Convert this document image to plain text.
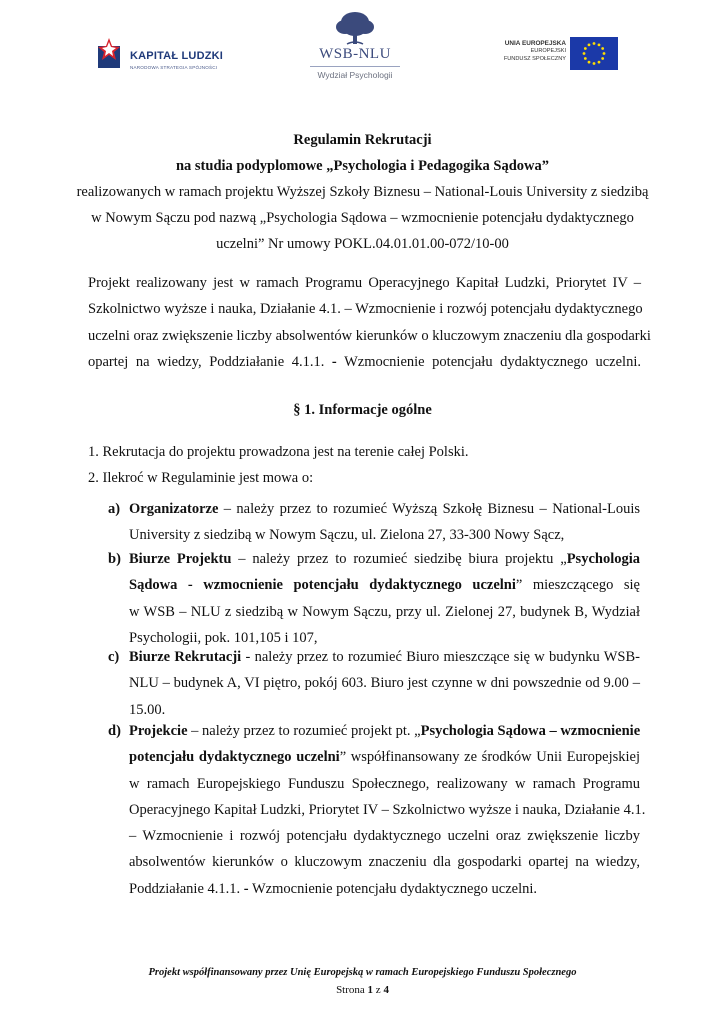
KAPITAŁ LUDZKI
NARODOWA STRATEGIA SPÓJNOŚCI
WSB-NLU
Wydział Psychologii
UNIA EUROPEJSKA
EUROPEJSKI
FUNDUSZ SPOŁECZNY
Regulamin Rekrutacji
na studia podyplomowe „Psychologia i Pedagogika Sądowa”
realizowanych w ramach projektu Wyższej Szkoły Biznesu – National-Louis University z siedzibą
w Nowym Sączu pod nazwą „Psychologia Sądowa – wzmocnienie potencjału dydaktycznego
uczelni” Nr umowy POKL.04.01.01.00-072/10-00
Projekt realizowany jest w ramach Programu Operacyjnego Kapitał Ludzki, Priorytet IV –
Szkolnictwo wyższe i nauka, Działanie 4.1. – Wzmocnienie i rozwój potencjału dydaktycznego
uczelni oraz zwiększenie liczby absolwentów kierunków o kluczowym znaczeniu dla gospodarki
opartej na wiedzy, Poddziałanie 4.1.1. - Wzmocnienie potencjału dydaktycznego uczelni.
§ 1. Informacje ogólne
1. Rekrutacja do projektu prowadzona jest na terenie całej Polski.
2. Ilekroć w Regulaminie jest mowa o:
a) Organizatorze – należy przez to rozumieć Wyższą Szkołę Biznesu – National-Louis
University z siedzibą w Nowym Sączu, ul. Zielona 27, 33-300 Nowy Sącz,
b) Biurze Projektu – należy przez to rozumieć siedzibę biura projektu „Psychologia
Sądowa - wzmocnienie potencjału dydaktycznego uczelni” mieszczącego się
w WSB – NLU z siedzibą w Nowym Sączu, przy ul. Zielonej 27, budynek B, Wydział
Psychologii, pok. 101,105 i 107,
c) Biurze Rekrutacji - należy przez to rozumieć Biuro mieszczące się w budynku WSB-
NLU – budynek A, VI piętro, pokój 603. Biuro jest czynne w dni powszednie od 9.00 –
15.00.
d) Projekcie – należy przez to rozumieć projekt pt. „Psychologia Sądowa – wzmocnienie
potencjału dydaktycznego uczelni” współfinansowany ze środków Unii Europejskiej
w ramach Europejskiego Funduszu Społecznego, realizowany w ramach Programu
Operacyjnego Kapitał Ludzki, Priorytet IV – Szkolnictwo wyższe i nauka, Działanie 4.1.
– Wzmocnienie i rozwój potencjału dydaktycznego uczelni oraz zwiększenie liczby
absolwentów kierunków o kluczowym znaczeniu dla gospodarki opartej na wiedzy,
Poddziałanie 4.1.1. - Wzmocnienie potencjału dydaktycznego uczelni.
Projekt współfinansowany przez Unię Europejską w ramach Europejskiego Funduszu Społecznego
Strona 1 z 4
